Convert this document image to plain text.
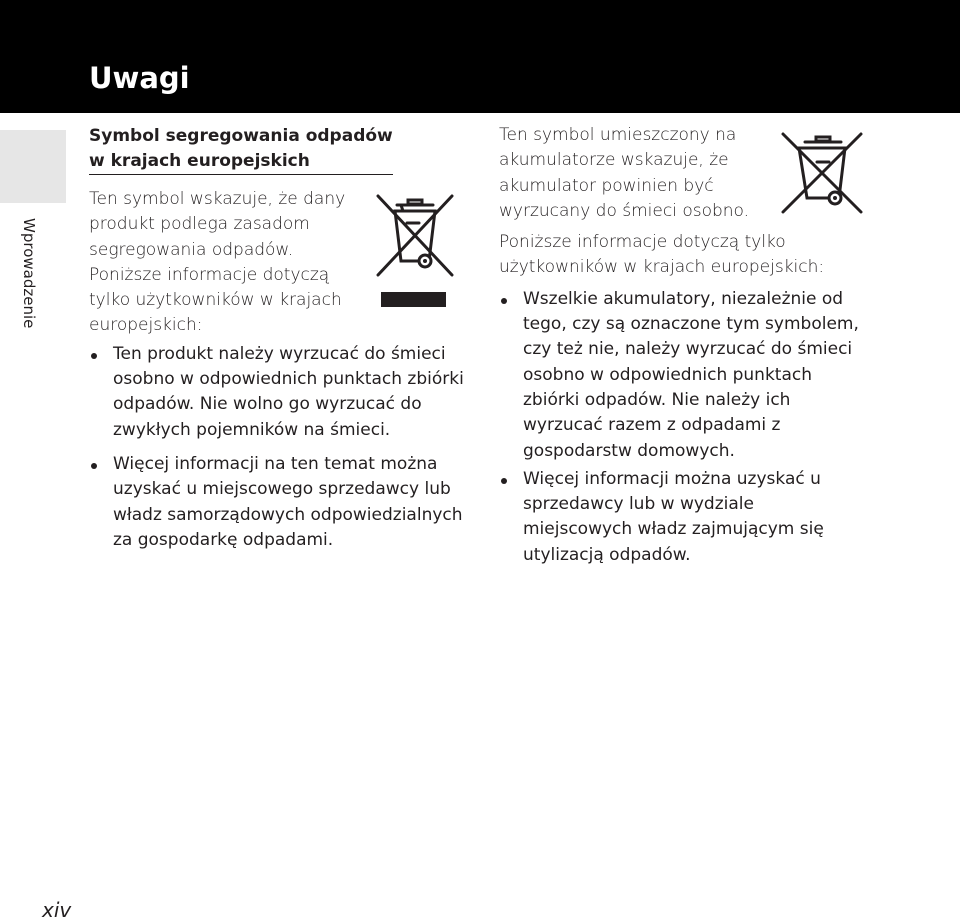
Uwagi
Wprowadzenie
Symbol segregowania odpadów
w krajach europejskich

Ten symbol wskazuje, że dany produkt podlega zasadom segregowania odpadów. Poniższe informacje dotyczą tylko użytkowników w krajach europejskich:

Ten produkt należy wyrzucać do śmieci osobno w odpowiednich punktach zbiórki odpadów. Nie wolno go wyrzucać do zwykłych pojemników na śmieci.
Więcej informacji na ten temat można uzyskać u miejscowego sprzedawcy lub władz samorządowych odpowiedzialnych za gospodarkę odpadami.

Ten symbol umieszczony na akumulatorze wskazuje, że akumulator powinien być wyrzucany do śmieci osobno.

Poniższe informacje dotyczą tylko użytkowników w krajach europejskich:

Wszelkie akumulatory, niezależnie od tego, czy są oznaczone tym symbolem, czy też nie, należy wyrzucać do śmieci osobno w odpowiednich punktach zbiórki odpadów. Nie należy ich wyrzucać razem z odpadami z gospodarstw domowych.
Więcej informacji można uzyskać u sprzedawcy lub w wydziale miejscowych władz zajmującym się utylizacją odpadów.
xiv
